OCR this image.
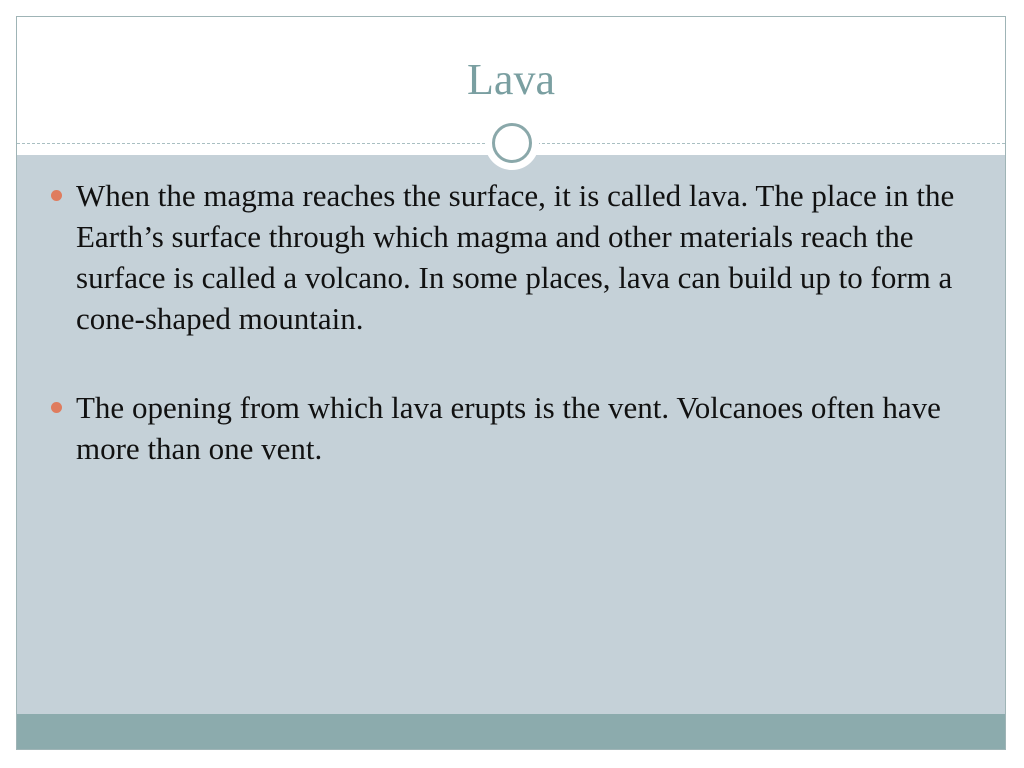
Lava
When the magma reaches the surface, it is called lava. The place in the Earth’s surface through which magma and other materials reach the surface is called a volcano. In some places, lava can build up to form a cone-shaped mountain.
The opening from which lava erupts is the vent. Volcanoes often have more than one vent.
